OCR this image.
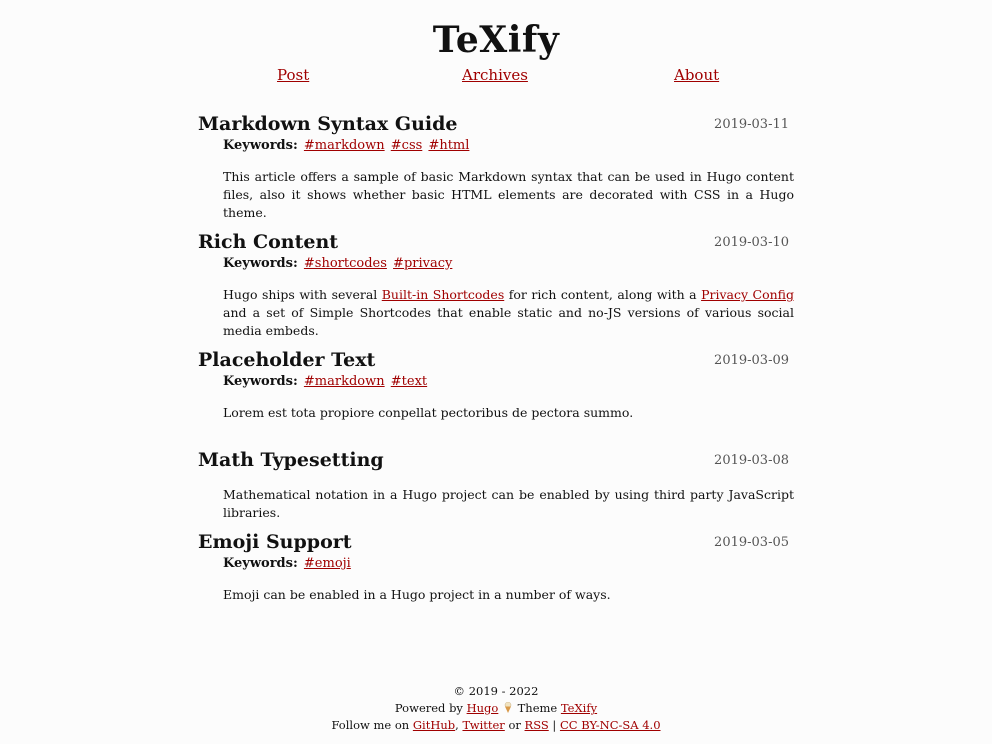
TeXify
Post	Archives	About
Markdown Syntax Guide	2019-03-11
Keywords: #markdown #css #html

This article offers a sample of basic Markdown syntax that can be used in Hugo content files, also it shows whether basic HTML elements are decorated with CSS in a Hugo theme.

Rich Content	2019-03-10
Keywords: #shortcodes #privacy

Hugo ships with several Built-in Shortcodes for rich content, along with a Privacy Config and a set of Simple Shortcodes that enable static and no-JS versions of various social media embeds.

Placeholder Text	2019-03-09
Keywords: #markdown #text

Lorem est tota propiore conpellat pectoribus de pectora summo.

Math Typesetting	2019-03-08

Mathematical notation in a Hugo project can be enabled by using third party JavaScript libraries.

Emoji Support	2019-03-05
Keywords: #emoji

Emoji can be enabled in a Hugo project in a number of ways.

© 2019 - 2022
Powered by Hugo Theme TeXify
Follow me on GitHub, Twitter or RSS | CC BY-NC-SA 4.0
